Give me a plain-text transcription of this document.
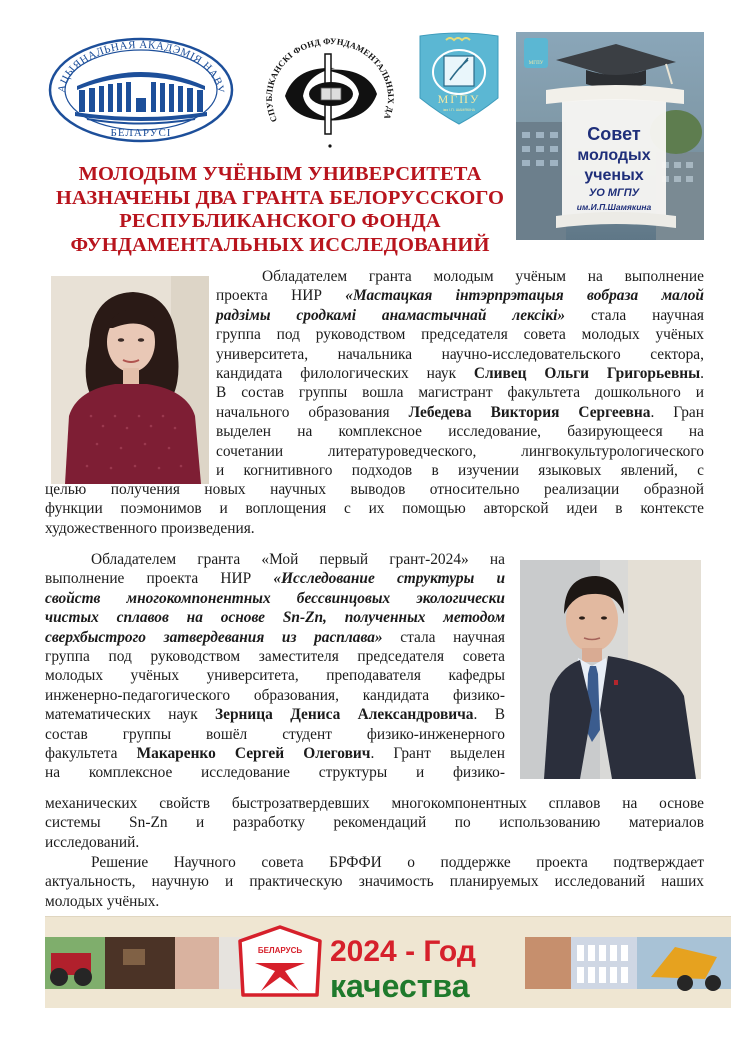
АЦЫЯНАЛЬНАЯ АКАДЭМІЯ НАВУ
БЕЛАРУСІ
СПУБЛІКАНСКІ ФОНД ФУНДАМЕНТАЛЬНЫХ ДА
МГПУ
імя І.П. ШАМЯКІНА
МГПУ
Совет
молодых
ученых
УО МГПУ
им.И.П.Шамякина
МОЛОДЫМ УЧЁНЫМ УНИВЕРСИТЕТА
НАЗНАЧЕНЫ ДВА ГРАНТА БЕЛОРУССКОГО
РЕСПУБЛИКАНСКОГО ФОНДА
ФУНДАМЕНТАЛЬНЫХ ИССЛЕДОВАНИЙ
Обладателем гранта молодым учёным на выполнение
проекта НИР «Мастацкая інтэрпрэтацыя вобраза малой
радзімы сродкамі анамастычнай лексікі» стала научная
группа под руководством председателя совета молодых учёных
университета, начальника научно-исследовательского сектора,
кандидата филологических наук Сливец Ольги Григорьевны.
В состав группы вошла магистрант факультета дошкольного и
начального образования Лебедева Виктория Сергеевна. Гран
выделен на комплексное исследование, базирующееся на
сочетании литературоведческого, лингвокультурологического
и когнитивного подходов в изучении языковых явлений, с
целью получения новых научных выводов относительно реализации образной
функции поэмонимов и воплощения с их помощью авторской идеи в контексте
художественного произведения.
Обладателем гранта «Мой первый грант-2024» на
выполнение проекта НИР «Исследование структуры и
свойств многокомпонентных бессвинцовых экологически
чистых сплавов на основе Sn-Zn, полученных методом
сверхбыстрого затвердевания из расплава» стала научная
группа под руководством заместителя председателя совета
молодых учёных университета, преподавателя кафедры
инженерно-педагогического образования, кандидата физико-
математических наук Зерница Дениса Александровича. В
состав группы вошёл студент физико-инженерного
факультета Макаренко Сергей Олегович. Грант выделен
на комплексное исследование структуры и физико-
механических свойств быстрозатвердевших многокомпонентных сплавов на основе
системы Sn-Zn и разработку рекомендаций по использованию материалов
исследований.
Решение Научного совета БРФФИ о поддержке проекта подтверждает
актуальность, научную и практическую значимость планируемых исследований наших
молодых учёных.
БЕЛАРУСЬ 2024 - Год
качества
